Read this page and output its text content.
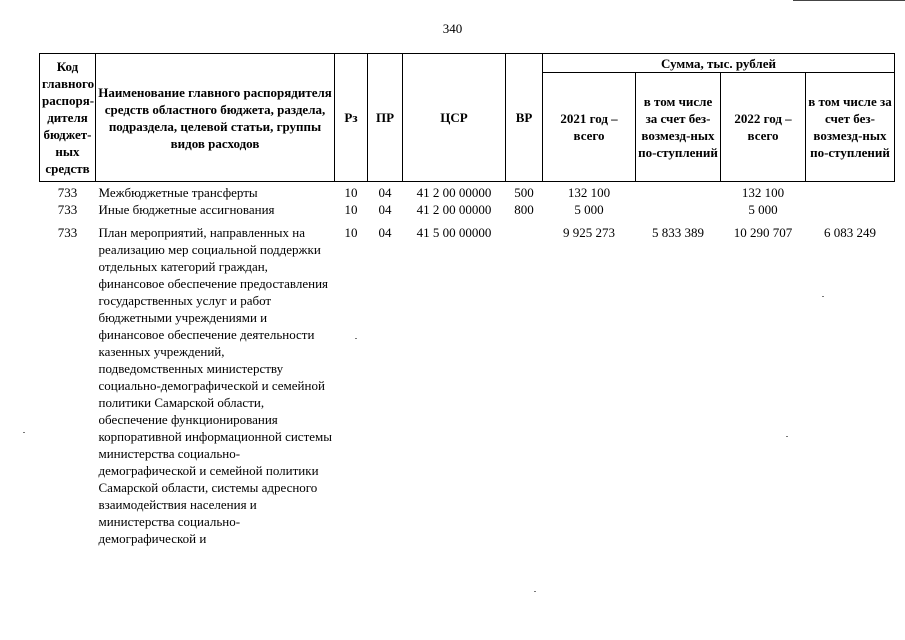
340
Код главного распоря-дителя бюджет-ных средств	Наименование главного распорядителя средств областного бюджета, раздела, подраздела, целевой статьи, группы видов расходов	Рз	ПР	ЦСР	ВР	Сумма, тыс. рублей			
						2021 год – всего	в том числе за счет без-возмезд-ных по-ступлений	2022 год – всего	в том числе за счет без-возмезд-ных по-ступлений
733	Межбюджетные трансферты	10	04	41 2 00 00000	500	132 100		132 100	
733	Иные бюджетные ассигнования	10	04	41 2 00 00000	800	5 000		5 000	
733	План мероприятий, направленных на реализацию мер социальной поддержки отдельных категорий граждан, финансовое обеспечение предоставления государственных услуг и работ бюджетными учреждениями и финансовое обеспечение деятельности казенных учреждений, подведомственных министерству социально-демографической и семейной политики Самарской области, обеспечение функционирования корпоративной информационной системы министерства социально-демографической и семейной политики Самарской области, системы адресного взаимодействия населения и министерства социально-демографической и	10	04	41 5 00 00000		9 925 273	5 833 389	10 290 707	6 083 249
